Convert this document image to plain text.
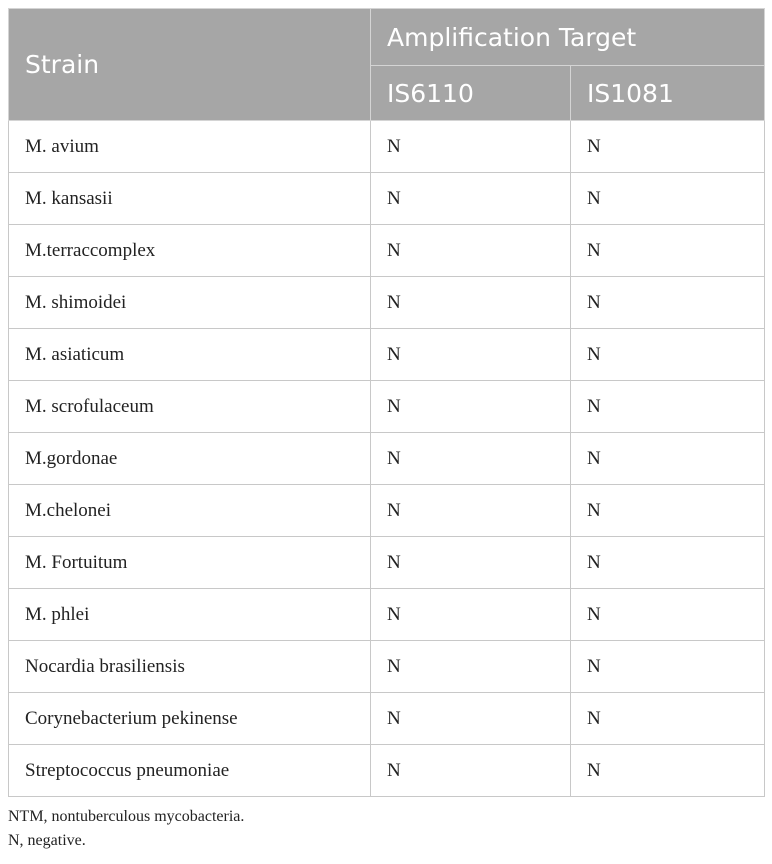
Strain	Amplification Target	
	IS6110	IS1081
M. avium	N	N
M. kansasii	N	N
M.terraccomplex	N	N
M. shimoidei	N	N
M. asiaticum	N	N
M. scrofulaceum	N	N
M.gordonae	N	N
M.chelonei	N	N
M. Fortuitum	N	N
M. phlei	N	N
Nocardia brasiliensis	N	N
Corynebacterium pekinense	N	N
Streptococcus pneumoniae	N	N
NTM, nontuberculous mycobacteria.
N, negative.
